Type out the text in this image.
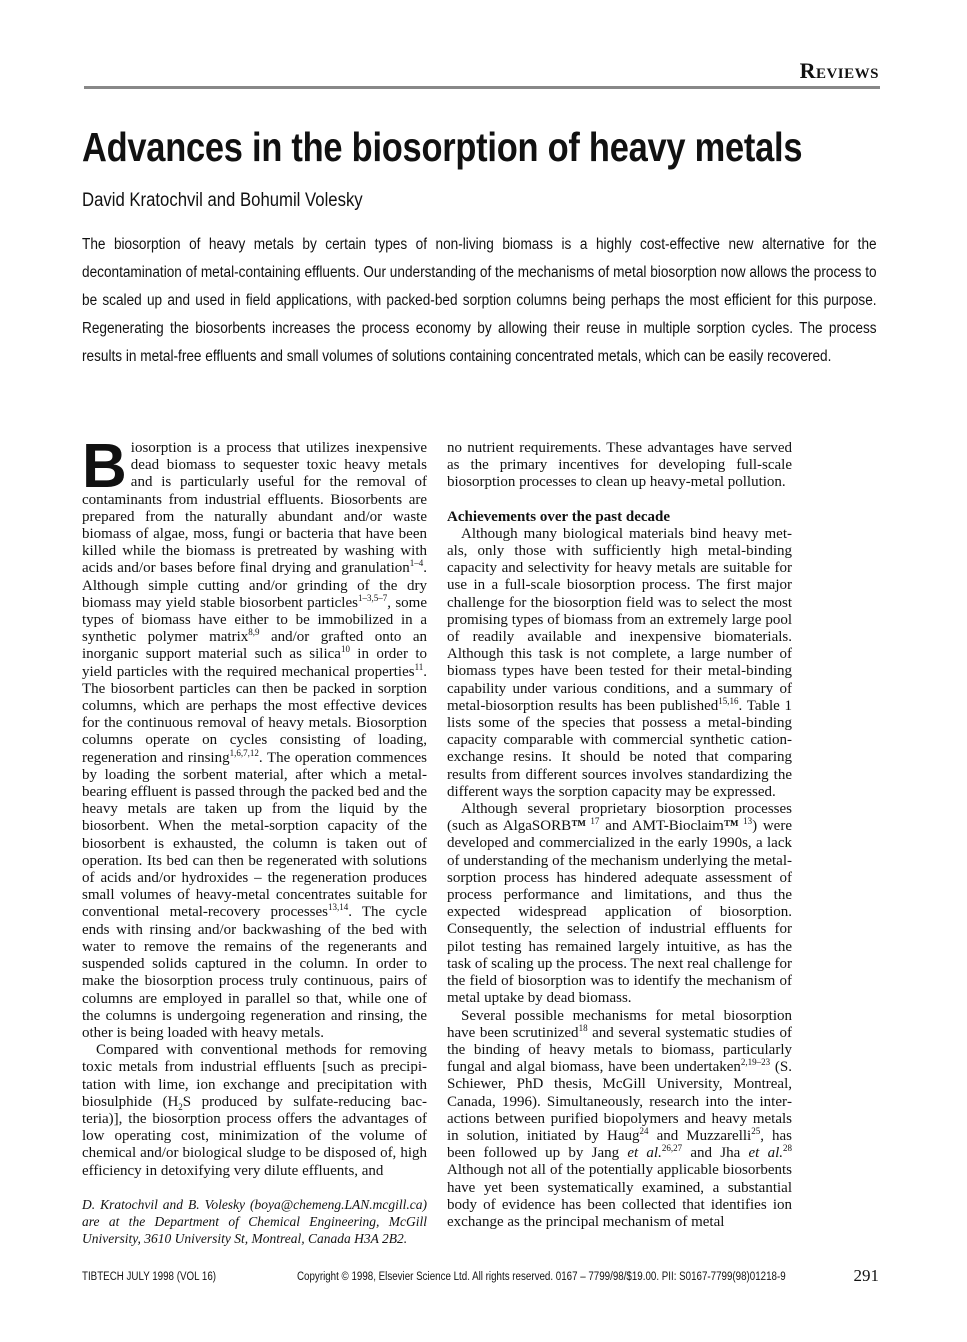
Reviews
Advances in the biosorption of heavy metals
David Kratochvil and Bohumil Volesky
The biosorption of heavy metals by certain types of non-living biomass is a highly cost-effective new alternative for the decontamination of metal-containing effluents. Our understanding of the mechanisms of metal biosorption now allows the process to be scaled up and used in field applications, with packed-bed sorption columns being perhaps the most efficient for this purpose. Regenerating the biosorbents increases the process economy by allowing their reuse in multiple sorption cycles. The process results in metal-free effluents and small volumes of solutions containing concentrated metals, which can be easily recovered.

Biosorption is a process that utilizes inexpensive dead biomass to sequester toxic heavy metals and is particularly useful for the removal of contaminants from industrial effluents. Biosorbents are prepared from the naturally abundant and/or waste biomass of algae, moss, fungi or bacteria that have been killed while the biomass is pretreated by washing with acids and/or bases before final drying and granulation$^{1-4}$. Although simple cutting and/or grinding of the dry biomass may yield stable biosorbent particles$^{1-3,5-7}$, some types of biomass have either to be immobilized in a synthetic polymer matrix$^{8,9}$ and/or grafted onto an inorganic support material such as silica$^{10}$ in order to yield particles with the required mechanical properties$^{11}$. The biosorbent particles can then be packed in sorption columns, which are perhaps the most effective devices for the continuous removal of heavy metals. Biosorption columns operate on cycles consisting of loading, regeneration and rinsing$^{1,6,7,12}$. The operation commences by loading the sorbent material, after which a metal-bearing effluent is passed through the packed bed and the heavy metals are taken up from the liquid by the biosorbent. When the metal-sorption capacity of the biosorbent is exhausted, the column is taken out of operation. Its bed can then be regenerated with solutions of acids and/or hydroxides – the regeneration produces small volumes of heavy-metal concentrates suitable for conventional metal-recovery processes$^{13,14}$. The cycle ends with rinsing and/or backwashing of the bed with water to remove the remains of the regenerants and suspended solids captured in the column. In order to make the biosorption process truly continuous, pairs of columns are employed in parallel so that, while one of the columns is undergoing regeneration and rinsing, the other is being loaded with heavy metals.

Compared with conventional methods for removing toxic metals from industrial effluents [such as precipitation with lime, ion exchange and precipitation with biosulphide ($H_2S$ produced by sulfate-reducing bacteria)], the biosorption process offers the advantages of low operating cost, minimization of the volume of chemical and/or biological sludge to be disposed of, high efficiency in detoxifying very dilute effluents, and

no nutrient requirements. These advantages have served as the primary incentives for developing full-scale biosorption processes to clean up heavy-metal pollution.

Achievements over the past decade

Although many biological materials bind heavy metals, only those with sufficiently high metal-binding capacity and selectivity for heavy metals are suitable for use in a full-scale biosorption process. The first major challenge for the biosorption field was to select the most promising types of biomass from an extremely large pool of readily available and inexpensive biomaterials. Although this task is not complete, a large number of biomass types have been tested for their metal-binding capability under various conditions, and a summary of metal-biosorption results has been published$^{15,16}$. Table 1 lists some of the species that possess a metal-binding capacity comparable with commercial synthetic cation-exchange resins. It should be noted that comparing results from different sources involves standardizing the different ways the sorption capacity may be expressed.

Although several proprietary biosorption processes (such as AlgaSORB™ $^{17}$ and AMT-Bioclaim™ $^{13}$) were developed and commercialized in the early 1990s, a lack of understanding of the mechanism underlying the metal-sorption process has hindered adequate assessment of process performance and limitations, and thus the expected widespread application of biosorption. Consequently, the selection of industrial effluents for pilot testing has remained largely intuitive, as has the task of scaling up the process. The next real challenge for the field of biosorption was to identify the mechanism of metal uptake by dead biomass.

Several possible mechanisms for metal biosorption have been scrutinized$^{18}$ and several systematic studies of the binding of heavy metals to biomass, particularly fungal and algal biomass, have been undertaken$^{2,19-23}$ (S. Schiewer, PhD thesis, McGill University, Montreal, Canada, 1996). Simultaneously, research into the interactions between purified biopolymers and heavy metals in solution, initiated by Haug$^{24}$ and Muzzarelli$^{25}$, has been followed up by Jang et al.$^{26,27}$ and Jha et al.$^{28}$ Although not all of the potentially applicable biosorbents have yet been systematically examined, a substantial body of evidence has been collected that identifies ion exchange as the principal mechanism of metal

D. Kratochvil and B. Volesky (boya@chemeng.LAN.mcgill.ca) are at the Department of Chemical Engineering, McGill University, 3610 University St, Montreal, Canada H3A 2B2.
TIBTECH JULY 1998 (VOL 16)	Copyright © 1998, Elsevier Science Ltd. All rights reserved. 0167 – 7799/98/$19.00. PII: S0167-7799(98)01218-9	291
